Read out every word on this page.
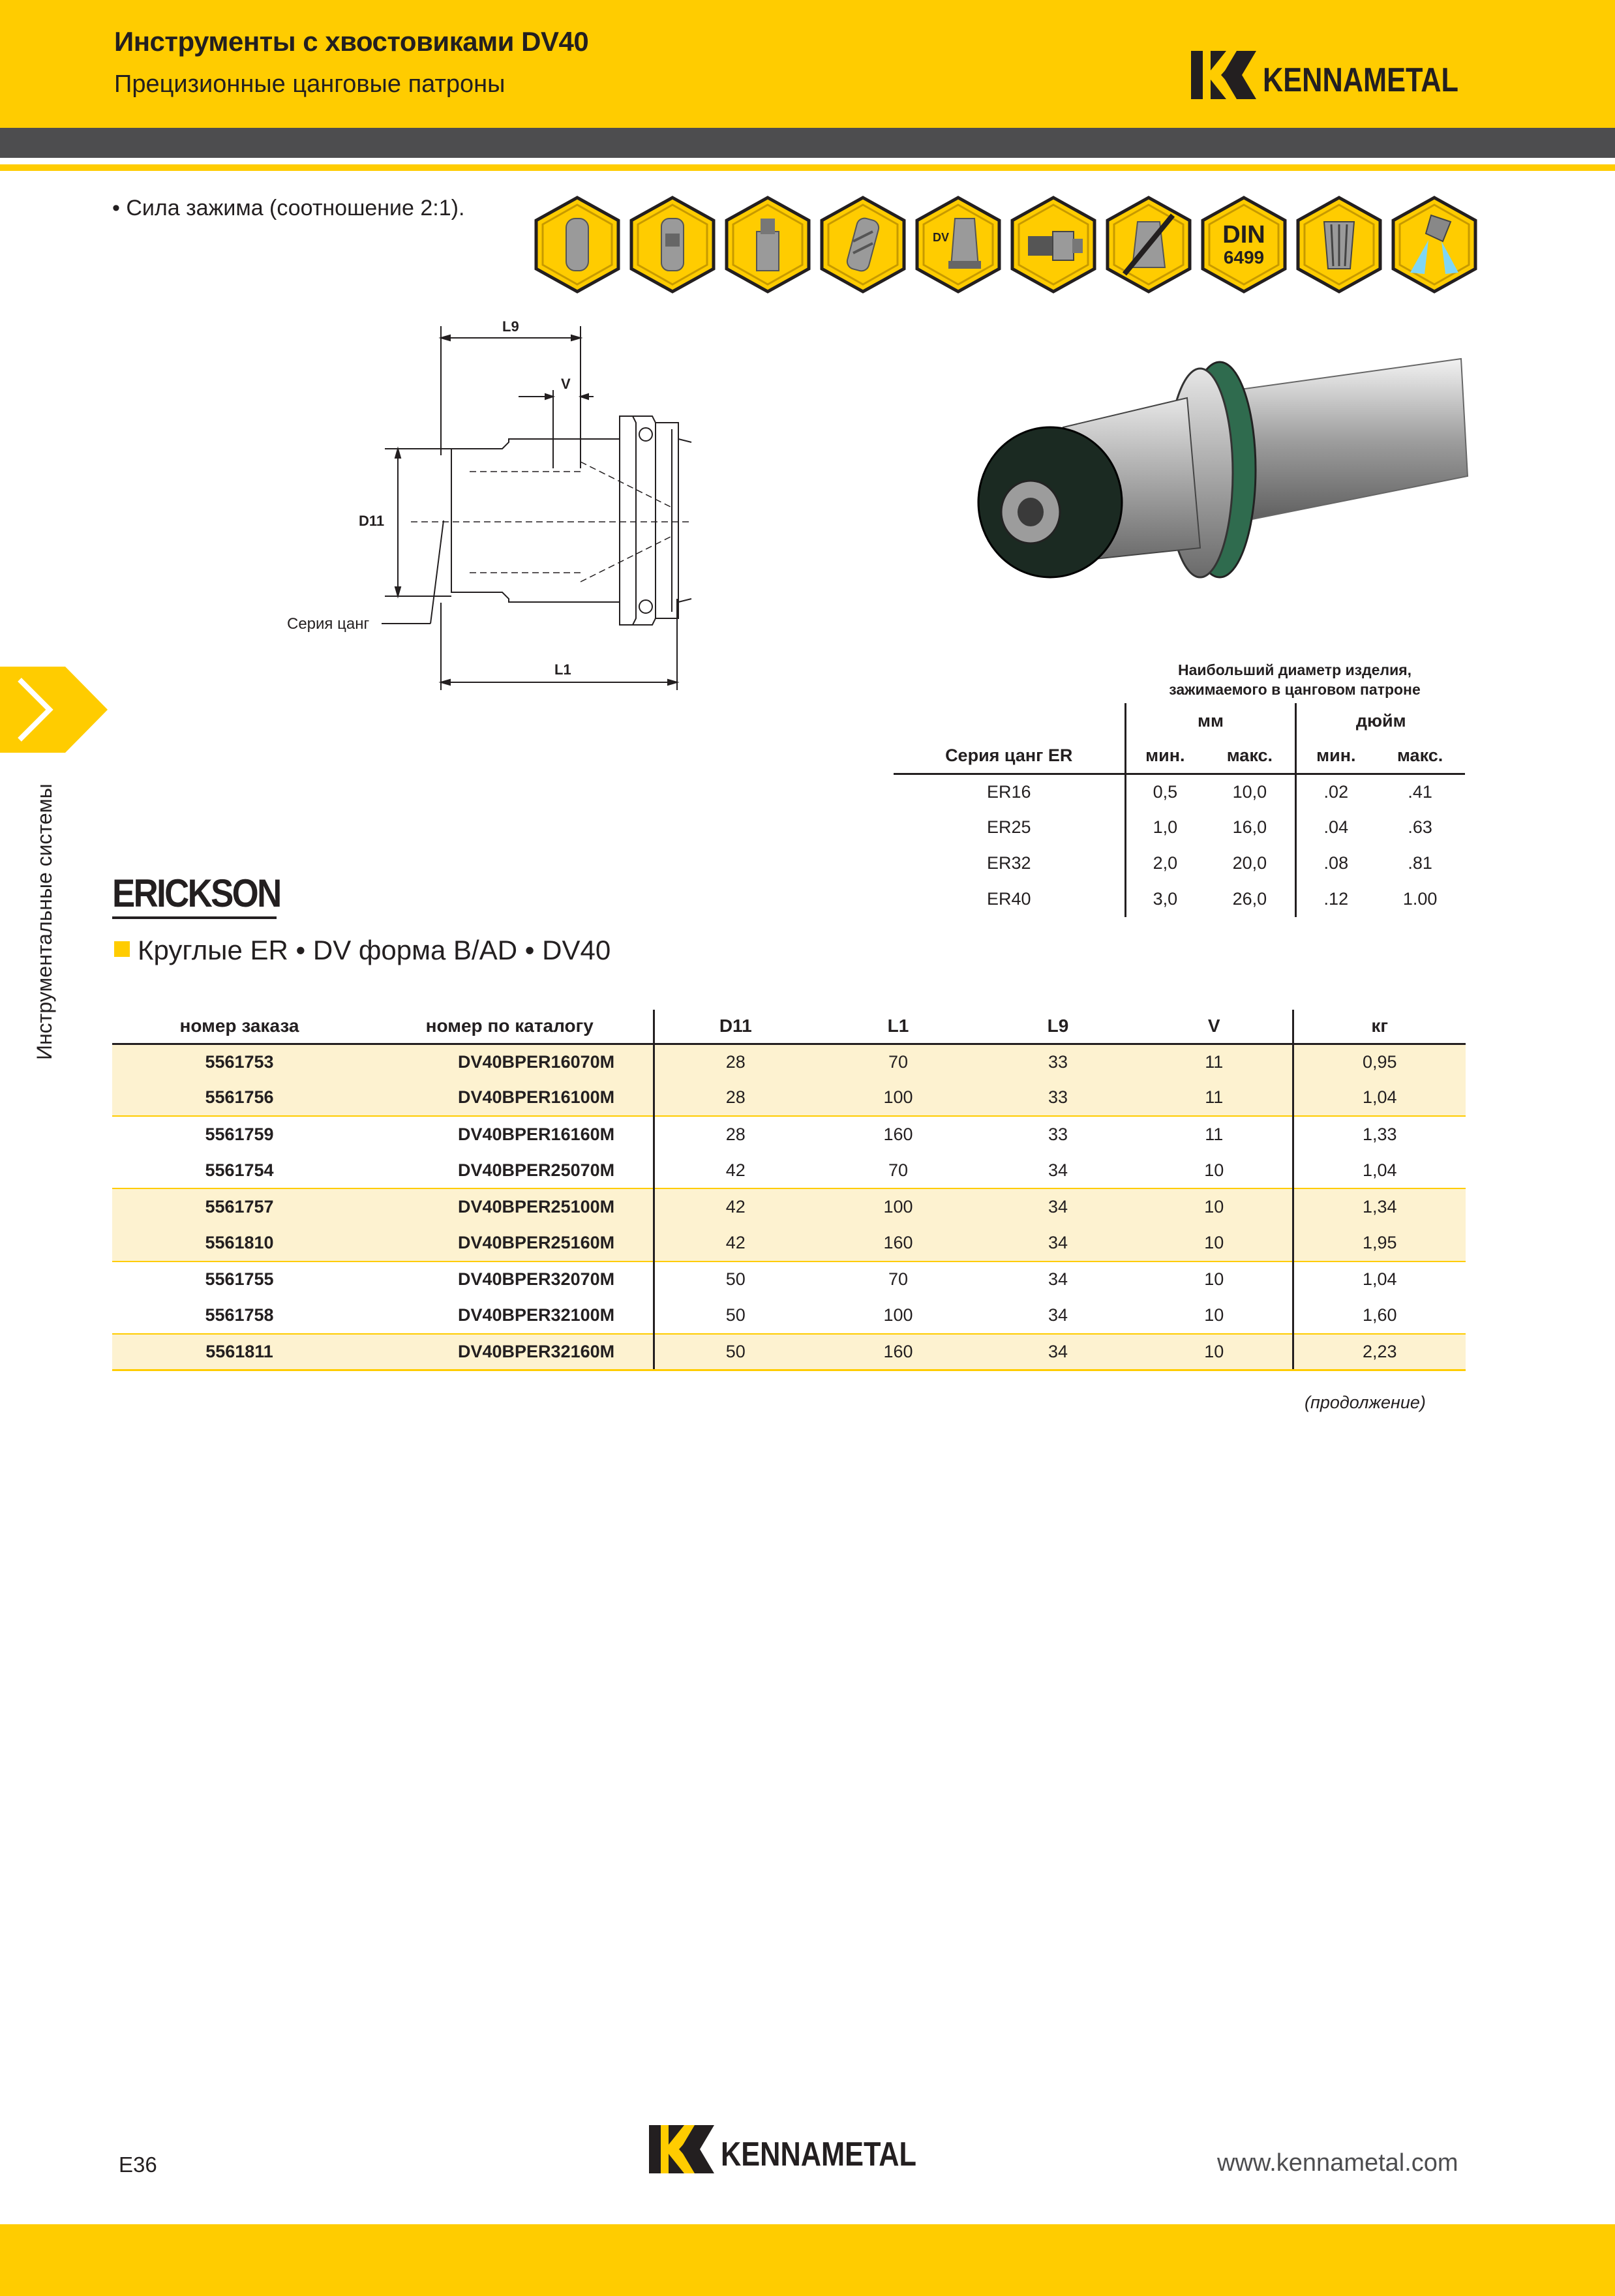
Инструменты с хвостовиками DV40
Прецизионные цанговые патроны	KENNAMETAL
Инструментальные системы
• Сила зажима (соотношение 2:1).
DV	DIN
6499
L9
V
D11
L1
Серия цанг
Наибольший диаметр изделия,
зажимаемого в цанговом патроне
	мм		дюйм	
Серия цанг ER	мин.	макс.	мин.	макс.
ER16	0,5	10,0	.02	.41
ER25	1,0	16,0	.04	.63
ER32	2,0	20,0	.08	.81
ER40	3,0	26,0	.12	1.00
ERICKSON
Круглые ER • DV форма B/AD • DV40
номер заказа	номер по каталогу	D11	L1	L9	V	кг
5561753	DV40BPER16070M	28	70	33	11	0,95
5561756	DV40BPER16100M	28	100	33	11	1,04
5561759	DV40BPER16160M	28	160	33	11	1,33
5561754	DV40BPER25070M	42	70	34	10	1,04
5561757	DV40BPER25100M	42	100	34	10	1,34
5561810	DV40BPER25160M	42	160	34	10	1,95
5561755	DV40BPER32070M	50	70	34	10	1,04
5561758	DV40BPER32100M	50	100	34	10	1,60
5561811	DV40BPER32160M	50	160	34	10	2,23
(продолжение)
E36	KENNAMETAL	www.kennametal.com
